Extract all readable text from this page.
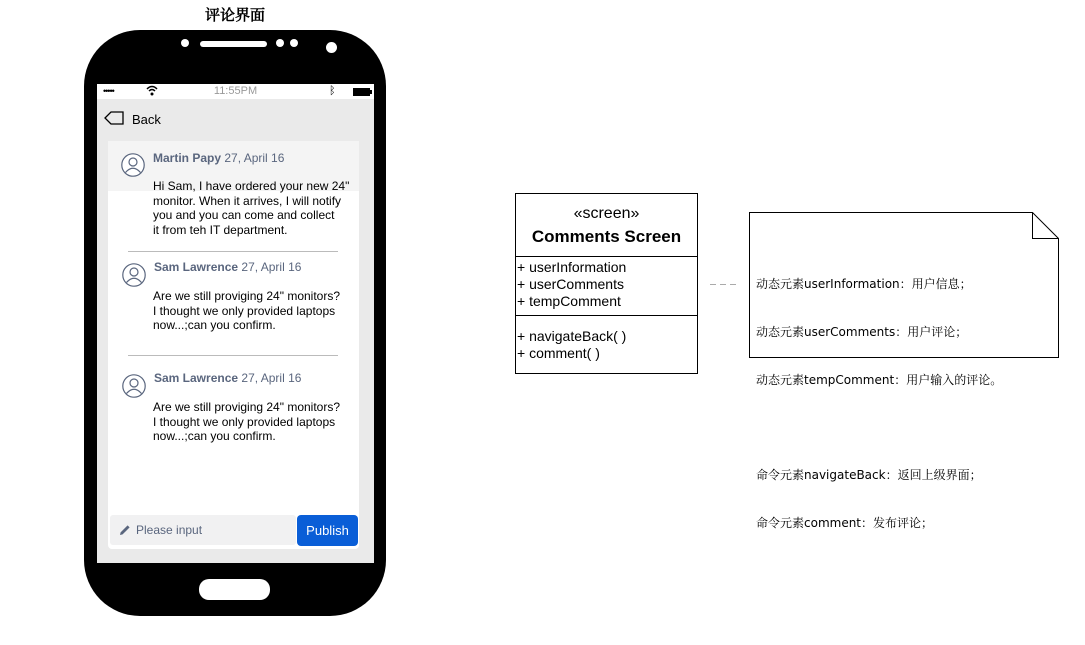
评论界面
•••••	11:55PM	ᛒ
Back
Martin Papy 27, April 16
Hi Sam, I have ordered your new 24"
monitor. When it arrives, I will notify
you and you can come and collect
it from teh IT department.
Sam Lawrence 27, April 16
Are we still proviging 24" monitors?
I thought we only provided laptops
now...;can you confirm.
Sam Lawrence 27, April 16
Are we still proviging 24" monitors?
I thought we only provided laptops
now...;can you confirm.
Please input	Publish
«screen»
Comments Screen
+ userInformation
+ userComments
+ tempComment
+ navigateBack( )
+ comment( )

动态元素userInformation：用户信息；

动态元素userComments：用户评论；

动态元素tempComment：用户输入的评论。

命令元素navigateBack：返回上级界面；

命令元素comment：发布评论；
